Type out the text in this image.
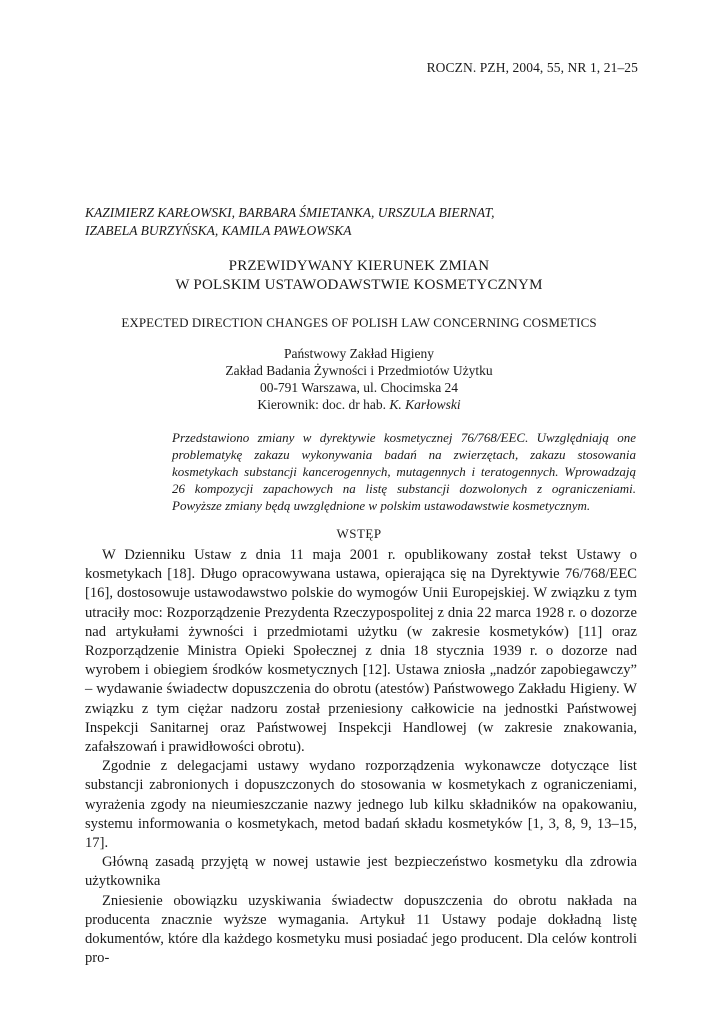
ROCZN. PZH, 2004, 55, NR 1, 21–25
KAZIMIERZ KARŁOWSKI, BARBARA ŚMIETANKA, URSZULA BIERNAT,
IZABELA BURZYŃSKA, KAMILA PAWŁOWSKA
PRZEWIDYWANY KIERUNEK ZMIAN
W POLSKIM USTAWODAWSTWIE KOSMETYCZNYM
EXPECTED DIRECTION CHANGES OF POLISH LAW CONCERNING COSMETICS
Państwowy Zakład Higieny
Zakład Badania Żywności i Przedmiotów Użytku
00-791 Warszawa, ul. Chocimska 24
Kierownik: doc. dr hab. K. Karłowski

Przedstawiono zmiany w dyrektywie kosmetycznej 76/768/EEC. Uwzględniają one problematykę zakazu wykonywania badań na zwierzętach, zakazu stosowania kosmetykach substancji kancerogennych, mutagennych i teratogennych. Wprowadzają 26 kompozycji zapachowych na listę substancji dozwolonych z ograniczeniami. Powyższe zmiany będą uwzględnione w polskim ustawodawstwie kosmetycznym.

WSTĘP

W Dzienniku Ustaw z dnia 11 maja 2001 r. opublikowany został tekst Ustawy o kosmetykach [18]. Długo opracowywana ustawa, opierająca się na Dyrektywie 76/768/EEC [16], dostosowuje ustawodawstwo polskie do wymogów Unii Europejskiej. W związku z tym utraciły moc: Rozporządzenie Prezydenta Rzeczypospolitej z dnia 22 marca 1928 r. o dozorze nad artykułami żywności i przedmiotami użytku (w zakresie kosmetyków) [11] oraz Rozporządzenie Ministra Opieki Społecznej z dnia 18 stycznia 1939 r. o dozorze nad wyrobem i obiegiem środków kosmetycznych [12]. Ustawa zniosła „nadzór zapobiegawczy” – wydawanie świadectw dopuszczenia do obrotu (atestów) Państwowego Zakładu Higieny. W związku z tym ciężar nadzoru został przeniesiony całkowicie na jednostki Państwowej Inspekcji Sanitarnej oraz Państwowej Inspekcji Handlowej (w zakresie znakowania, zafałszowań i prawidłowości obrotu).

Zgodnie z delegacjami ustawy wydano rozporządzenia wykonawcze dotyczące list substancji zabronionych i dopuszczonych do stosowania w kosmetykach z ograniczeniami, wyrażenia zgody na nieumieszczanie nazwy jednego lub kilku składników na opakowaniu, systemu informowania o kosmetykach, metod badań składu kosmetyków [1, 3, 8, 9, 13–15, 17].

Główną zasadą przyjętą w nowej ustawie jest bezpieczeństwo kosmetyku dla zdrowia użytkownika

Zniesienie obowiązku uzyskiwania świadectw dopuszczenia do obrotu nakłada na producenta znacznie wyższe wymagania. Artykuł 11 Ustawy podaje dokładną listę dokumentów, które dla każdego kosmetyku musi posiadać jego producent. Dla celów kontroli pro-
